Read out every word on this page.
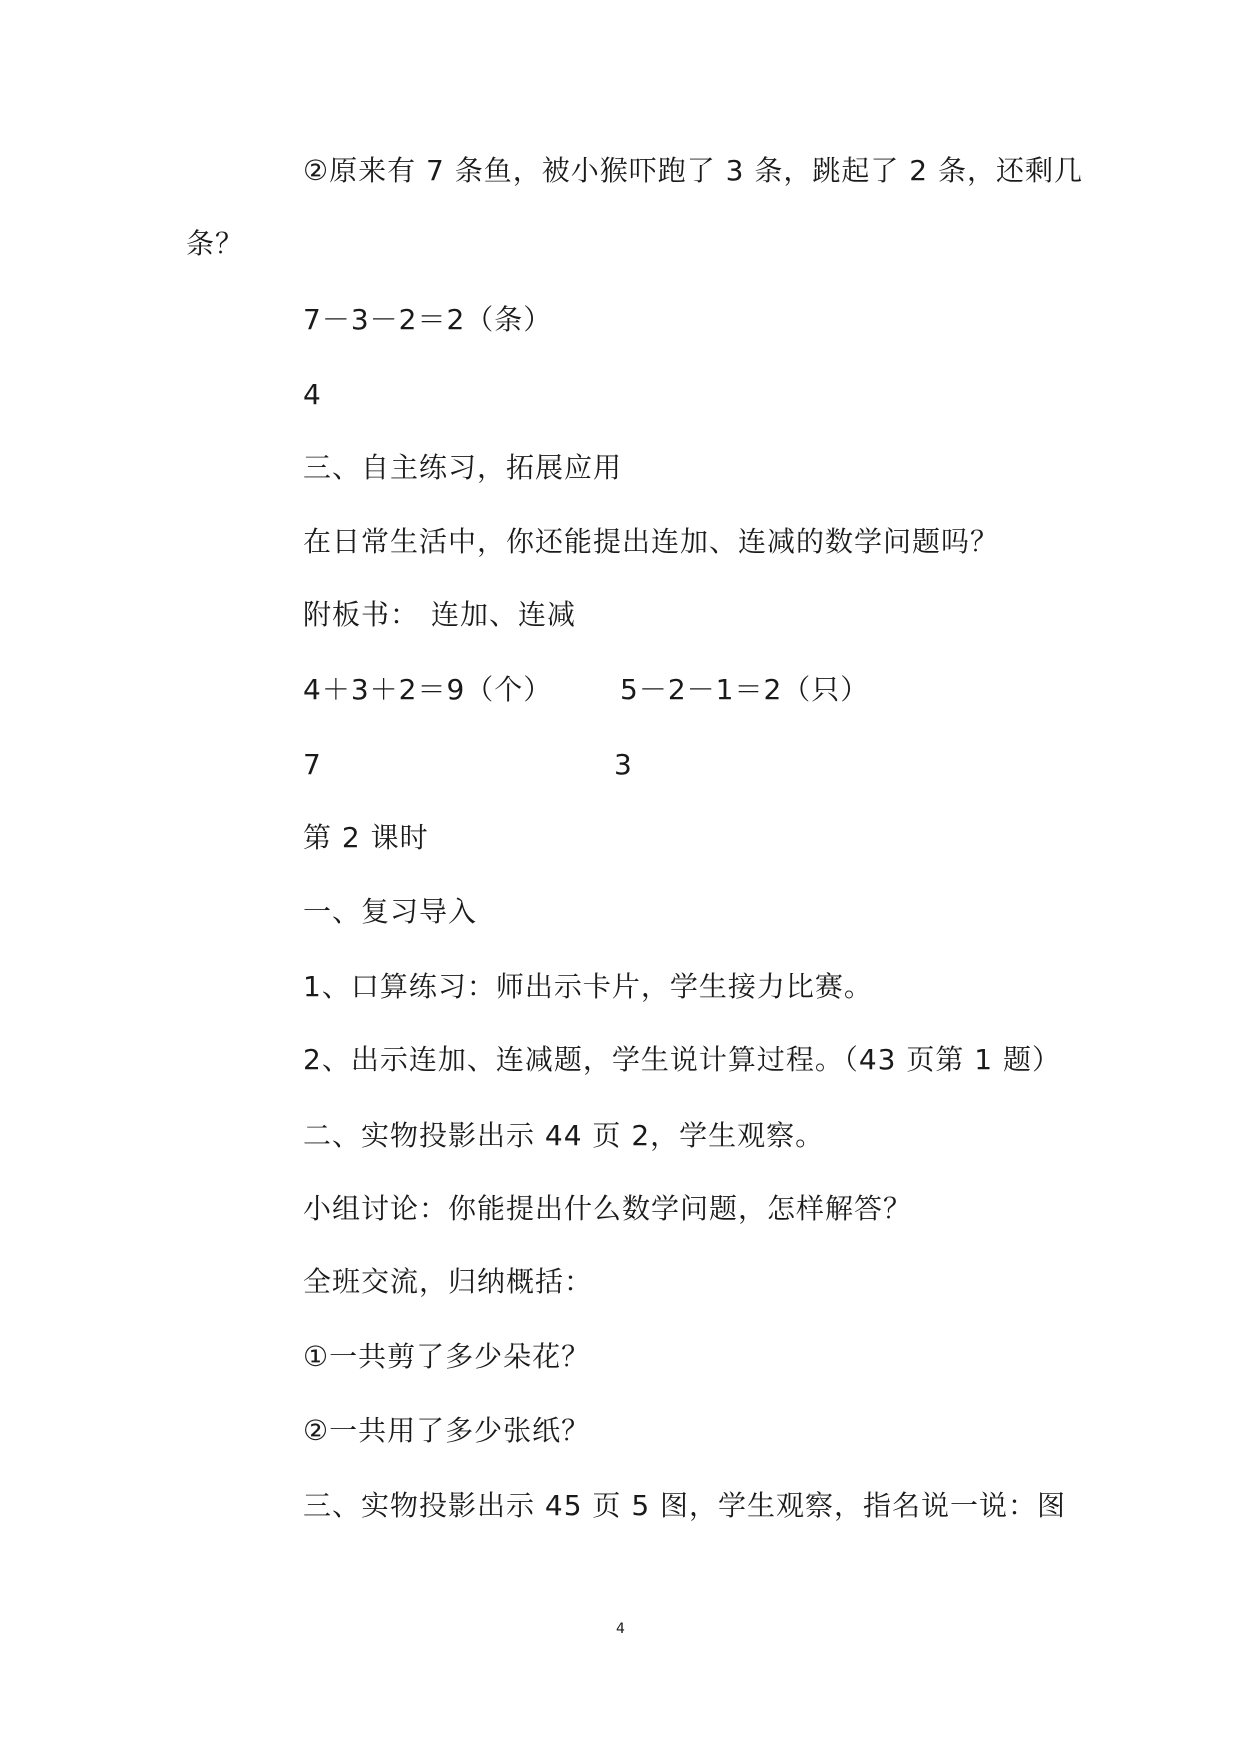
②原来有 7 条鱼，被小猴吓跑了 3 条，跳起了 2 条，还剩几
条？
7－3－2＝2（条）
4
三、自主练习，拓展应用
在日常生活中，你还能提出连加、连减的数学问题吗？
附板书： 连加、连减
4＋3＋2＝9（个） 5－2－1＝2（只）
7	3
第 2 课时
一、复习导入
1、口算练习：师出示卡片，学生接力比赛。
2、出示连加、连减题，学生说计算过程。（43 页第 1 题）
二、实物投影出示 44 页 2，学生观察。
小组讨论：你能提出什么数学问题，怎样解答？
全班交流，归纳概括：
①一共剪了多少朵花？
②一共用了多少张纸？
三、实物投影出示 45 页 5 图，学生观察，指名说一说：图
4
